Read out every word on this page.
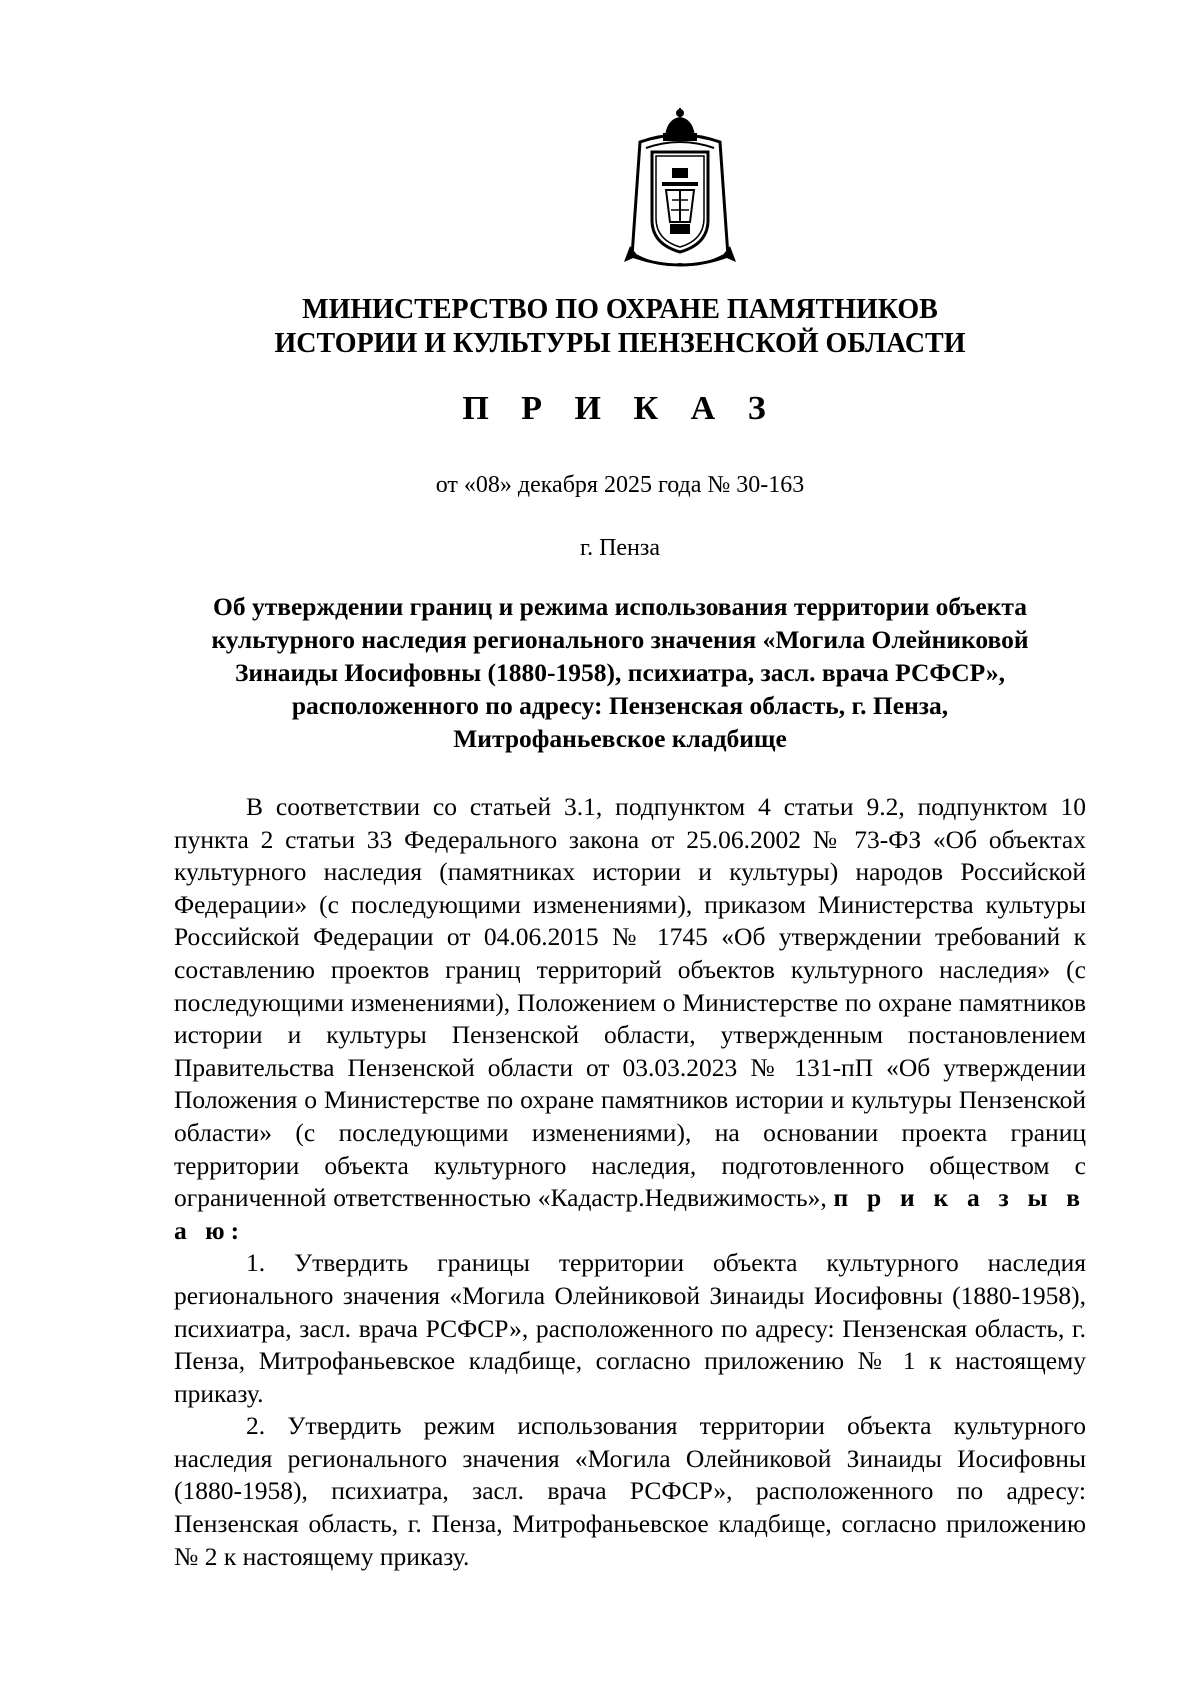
МИНИСТЕРСТВО ПО ОХРАНЕ ПАМЯТНИКОВ
ИСТОРИИ И КУЛЬТУРЫ ПЕНЗЕНСКОЙ ОБЛАСТИ
П Р И К А З
от «08» декабря 2025 года № 30-163
г. Пенза
Об утверждении границ и режима использования территории объекта
культурного наследия регионального значения «Могила Олейниковой
Зинаиды Иосифовны (1880-1958), психиатра, засл. врача РСФСР»,
расположенного по адресу: Пензенская область, г. Пенза,
Митрофаньевское кладбище

В соответствии со статьей 3.1, подпунктом 4 статьи 9.2, подпунктом 10 пункта 2 статьи 33 Федерального закона от 25.06.2002 № 73-ФЗ «Об объектах культурного наследия (памятниках истории и культуры) народов Российской Федерации» (с последующими изменениями), приказом Министерства культуры Российской Федерации от 04.06.2015 № 1745 «Об утверждении требований к составлению проектов границ территорий объектов культурного наследия» (с последующими изменениями), Положением о Министерстве по охране памятников истории и культуры Пензенской области, утвержденным постановлением Правительства Пензенской области от 03.03.2023 № 131-пП «Об утверждении Положения о Министерстве по охране памятников истории и культуры Пензенской области» (с последующими изменениями), на основании проекта границ территории объекта культурного наследия, подготовленного обществом с ограниченной ответственностью «Кадастр.Недвижимость», п р и к а з ы в а ю:

1. Утвердить границы территории объекта культурного наследия регионального значения «Могила Олейниковой Зинаиды Иосифовны (1880-1958), психиатра, засл. врача РСФСР», расположенного по адресу: Пензенская область, г. Пенза, Митрофаньевское кладбище, согласно приложению № 1 к настоящему приказу.

2. Утвердить режим использования территории объекта культурного наследия регионального значения «Могила Олейниковой Зинаиды Иосифовны (1880-1958), психиатра, засл. врача РСФСР», расположенного по адресу: Пензенская область, г. Пенза, Митрофаньевское кладбище, согласно приложению № 2 к настоящему приказу.
